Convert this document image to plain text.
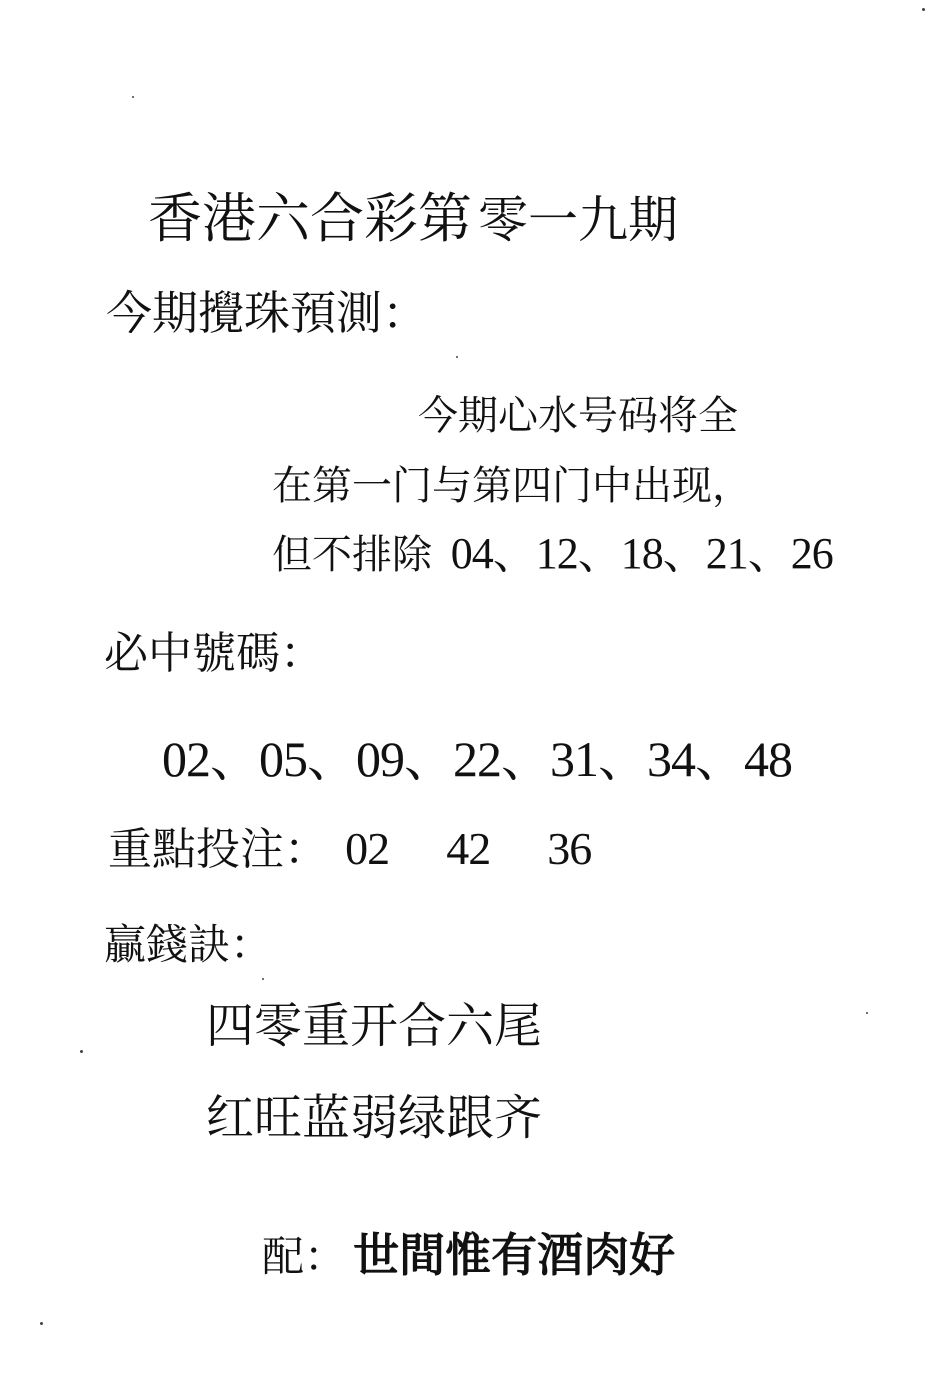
香港六合彩第 零一九期
今期攪珠預測：
今期心水号码将全
在第一门与第四门中出现，
但不排除 04、12、18、21、26
必中號碼：
02、05、09、22、31、34、48
重點投注： 02 42 36
贏錢訣：
四零重开合六尾
红旺蓝弱绿跟齐
配： 世間惟有酒肉好
